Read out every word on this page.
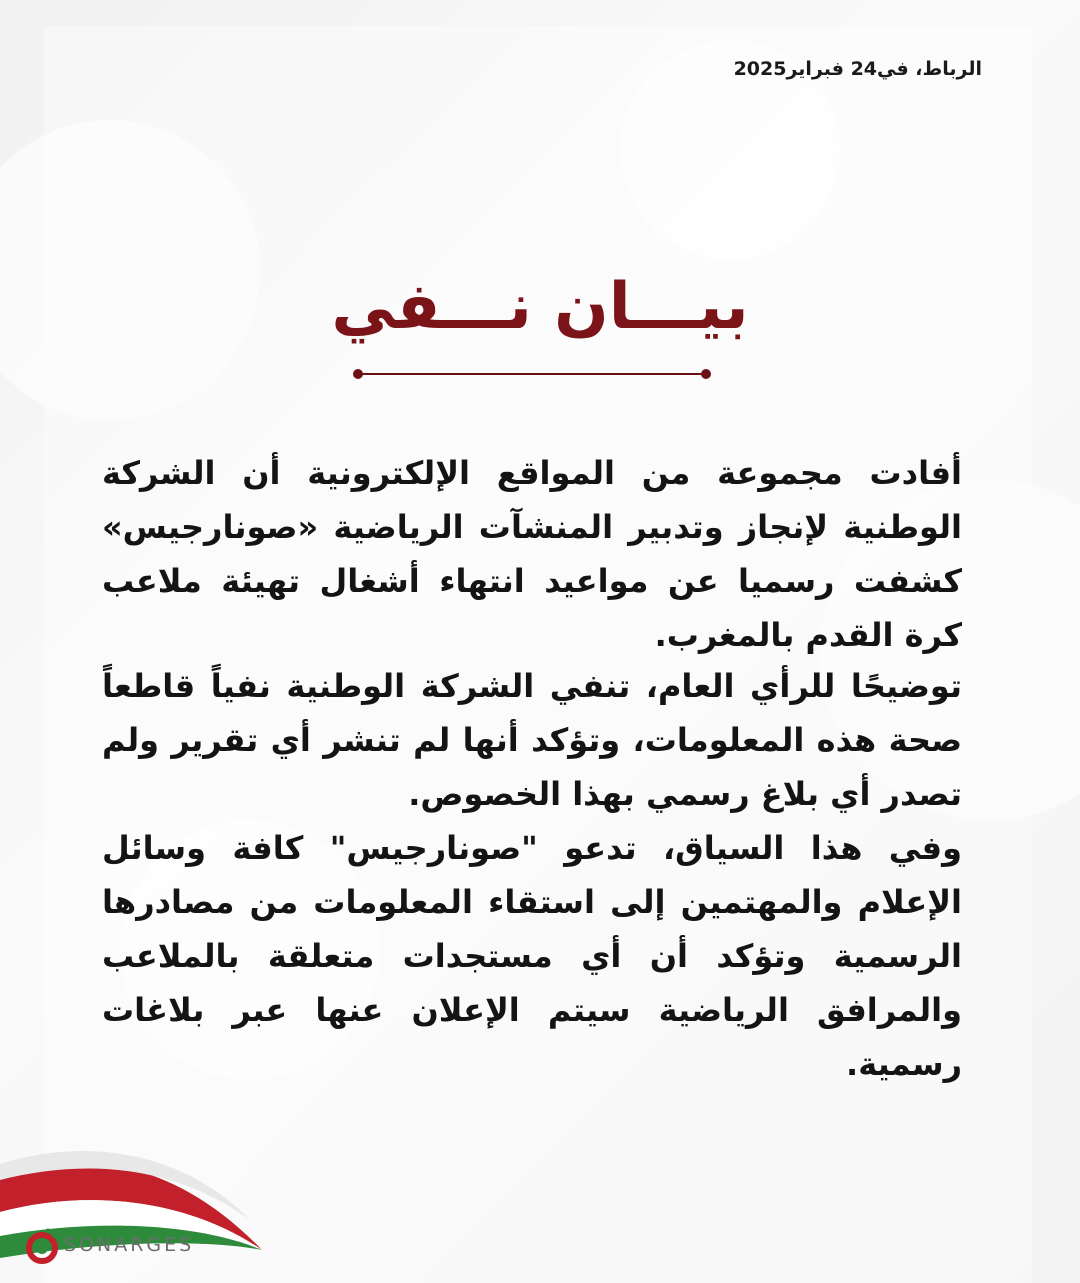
الرباط، في24 فبراير2025
بيـــان نـــفي

أفادت مجموعة من المواقع الإلكترونية أن الشركة الوطنية لإنجاز وتدبير المنشآت الرياضية «صونارجيس» كشفت رسميا عن مواعيد انتهاء أشغال تهيئة ملاعب كرة القدم بالمغرب.

توضيحًا للرأي العام، تنفي الشركة الوطنية نفياً قاطعاً صحة هذه المعلومات، وتؤكد أنها لم تنشر أي تقرير ولم تصدر أي بلاغ رسمي بهذا الخصوص.

وفي هذا السياق، تدعو "صونارجيس" كافة وسائل الإعلام والمهتمين إلى استقاء المعلومات من مصادرها الرسمية وتؤكد أن أي مستجدات متعلقة بالملاعب والمرافق الرياضية سيتم الإعلان عنها عبر بلاغات رسمية.

SONARGES
